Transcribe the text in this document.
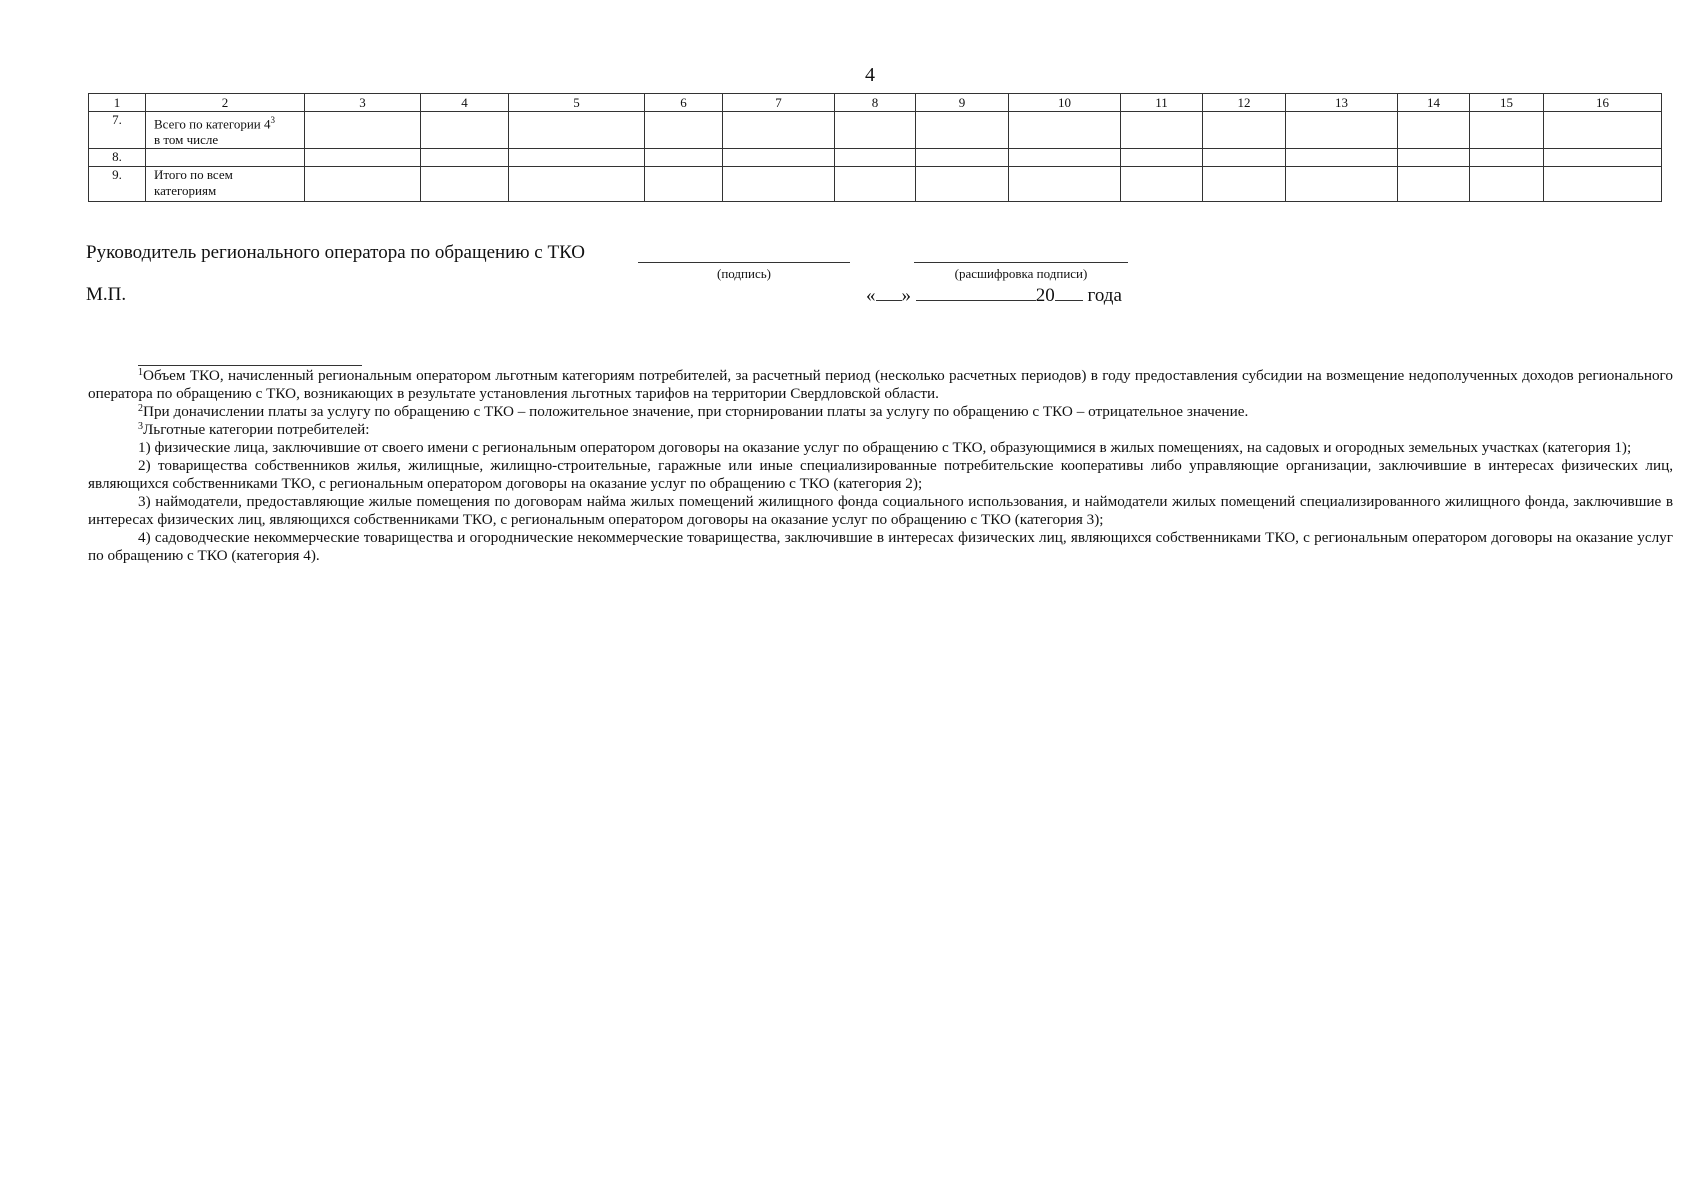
4
1	2	3	4	5	6	7	8	9	10	11	12	13	14	15	16
7.	Всего по категории $4^3$
в том числе														
8.															
9.	Итого по всем
категориям														
Руководитель регионального оператора по обращению с ТКО
(подпись)	(расшифровка подписи)
М.П.	« »	20 года

$^1$Объем ТКО, начисленный региональным оператором льготным категориям потребителей, за расчетный период (несколько расчетных периодов) в году предоставления субсидии на возмещение недополученных доходов регионального оператора по обращению с ТКО, возникающих в результате установления льготных тарифов на территории Свердловской области.

$^2$При доначислении платы за услугу по обращению с ТКО – положительное значение, при сторнировании платы за услугу по обращению с ТКО – отрицательное значение.

$^3$Льготные категории потребителей:

1) физические лица, заключившие от своего имени с региональным оператором договоры на оказание услуг по обращению с ТКО, образующимися в жилых помещениях, на садовых и огородных земельных участках (категория 1);

2) товарищества собственников жилья, жилищные, жилищно-строительные, гаражные или иные специализированные потребительские кооперативы либо управляющие организации, заключившие в интересах физических лиц, являющихся собственниками ТКО, с региональным оператором договоры на оказание услуг по обращению с ТКО (категория 2);

3) наймодатели, предоставляющие жилые помещения по договорам найма жилых помещений жилищного фонда социального использования, и наймодатели жилых помещений специализированного жилищного фонда, заключившие в интересах физических лиц, являющихся собственниками ТКО, с региональным оператором договоры на оказание услуг по обращению с ТКО (категория 3);

4) садоводческие некоммерческие товарищества и огороднические некоммерческие товарищества, заключившие в интересах физических лиц, являющихся собственниками ТКО, с региональным оператором договоры на оказание услуг по обращению с ТКО (категория 4).
